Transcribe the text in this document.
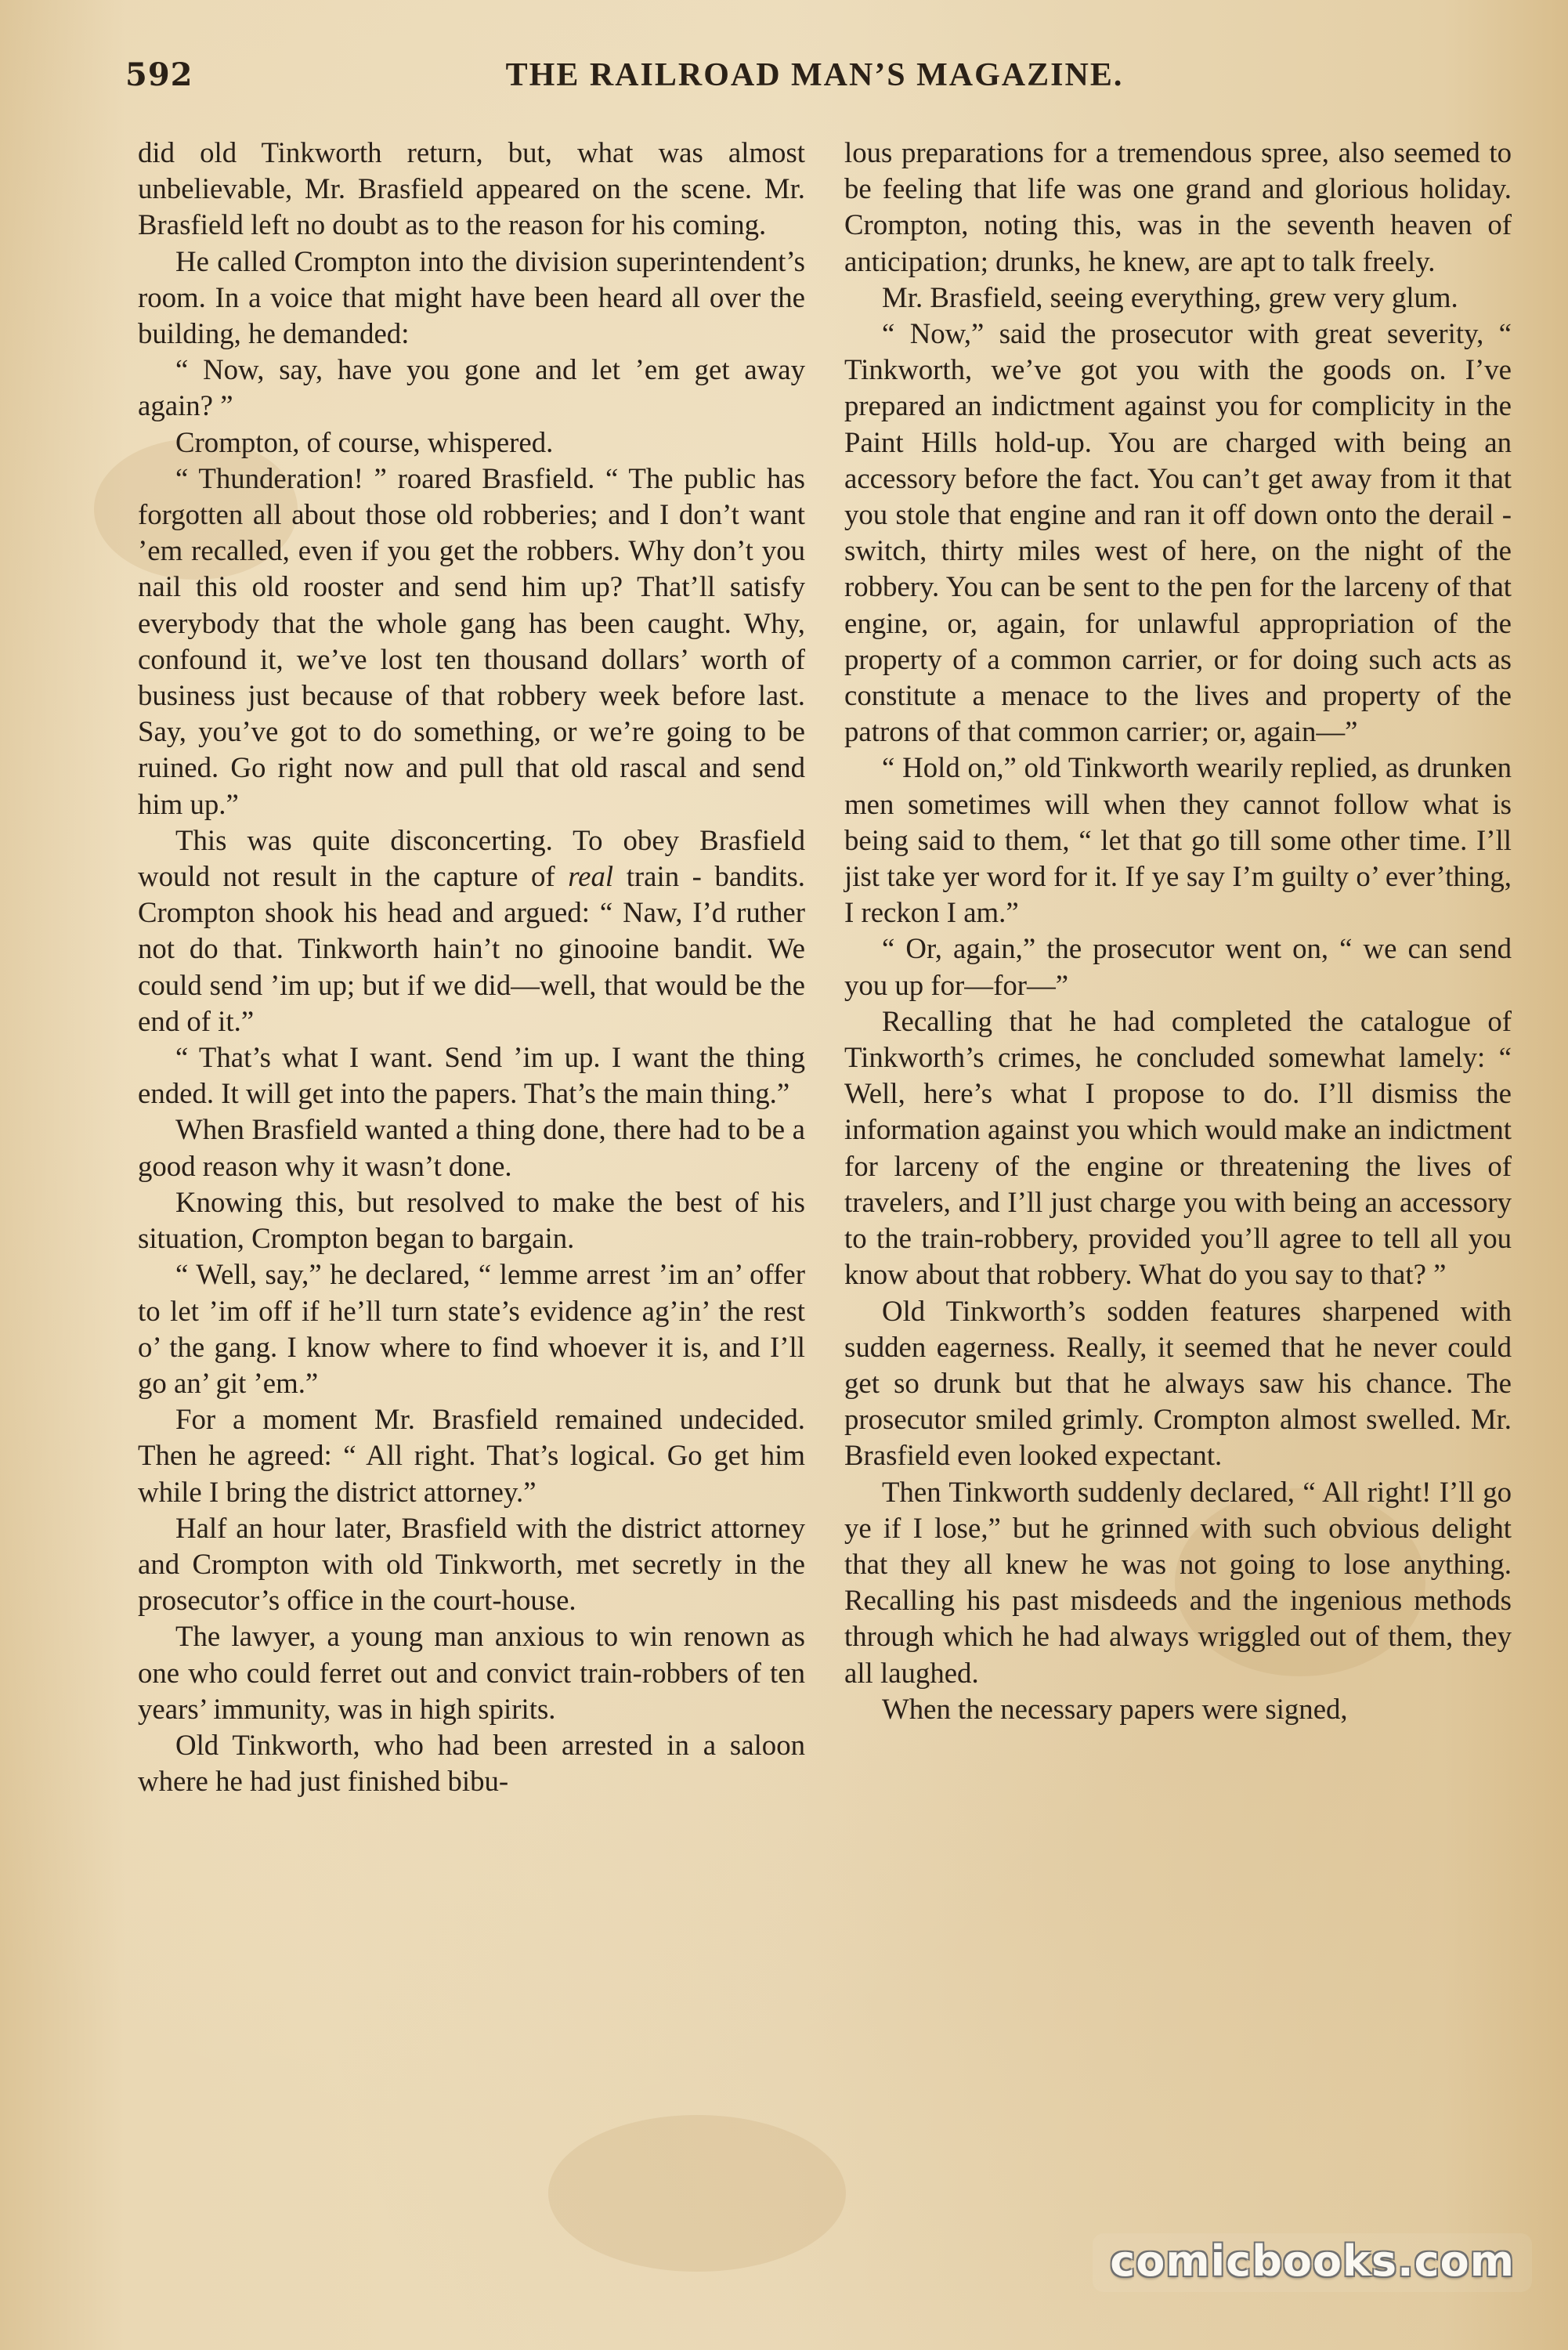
592	THE RAILROAD MAN’S MAGAZINE.

did old Tinkworth return, but, what was almost unbelievable, Mr. Brasfield appeared on the scene. Mr. Brasfield left no doubt as to the reason for his coming.

He called Crompton into the division superintendent’s room. In a voice that might have been heard all over the building, he demanded:

“ Now, say, have you gone and let ’em get away again? ”

Crompton, of course, whispered.

“ Thunderation! ” roared Brasfield. “ The public has forgotten all about those old robberies; and I don’t want ’em recalled, even if you get the robbers. Why don’t you nail this old rooster and send him up? That’ll satisfy everybody that the whole gang has been caught. Why, confound it, we’ve lost ten thousand dollars’ worth of business just because of that robbery week before last. Say, you’ve got to do something, or we’re going to be ruined. Go right now and pull that old rascal and send him up.”

This was quite disconcerting. To obey Brasfield would not result in the capture of real train - bandits. Crompton shook his head and argued: “ Naw, I’d ruther not do that. Tinkworth hain’t no ginooine bandit. We could send ’im up; but if we did—well, that would be the end of it.”

“ That’s what I want. Send ’im up. I want the thing ended. It will get into the papers. That’s the main thing.”

When Brasfield wanted a thing done, there had to be a good reason why it wasn’t done.

Knowing this, but resolved to make the best of his situation, Crompton began to bargain.

“ Well, say,” he declared, “ lemme arrest ’im an’ offer to let ’im off if he’ll turn state’s evidence ag’in’ the rest o’ the gang. I know where to find whoever it is, and I’ll go an’ git ’em.”

For a moment Mr. Brasfield remained undecided. Then he agreed: “ All right. That’s logical. Go get him while I bring the district attorney.”

Half an hour later, Brasfield with the district attorney and Crompton with old Tinkworth, met secretly in the prosecutor’s office in the court-house.

The lawyer, a young man anxious to win renown as one who could ferret out and convict train-robbers of ten years’ immunity, was in high spirits.

Old Tinkworth, who had been arrested in a saloon where he had just finished bibu-

lous preparations for a tremendous spree, also seemed to be feeling that life was one grand and glorious holiday. Crompton, noting this, was in the seventh heaven of anticipation; drunks, he knew, are apt to talk freely.

Mr. Brasfield, seeing everything, grew very glum.

“ Now,” said the prosecutor with great severity, “ Tinkworth, we’ve got you with the goods on. I’ve prepared an indictment against you for complicity in the Paint Hills hold-up. You are charged with being an accessory before the fact. You can’t get away from it that you stole that engine and ran it off down onto the derail - switch, thirty miles west of here, on the night of the robbery. You can be sent to the pen for the larceny of that engine, or, again, for unlawful appropriation of the property of a common carrier, or for doing such acts as constitute a menace to the lives and property of the patrons of that common carrier; or, again—”

“ Hold on,” old Tinkworth wearily replied, as drunken men sometimes will when they cannot follow what is being said to them, “ let that go till some other time. I’ll jist take yer word for it. If ye say I’m guilty o’ ever’thing, I reckon I am.”

“ Or, again,” the prosecutor went on, “ we can send you up for—for—”

Recalling that he had completed the catalogue of Tinkworth’s crimes, he concluded somewhat lamely: “ Well, here’s what I propose to do. I’ll dismiss the information against you which would make an indictment for larceny of the engine or threatening the lives of travelers, and I’ll just charge you with being an accessory to the train-robbery, provided you’ll agree to tell all you know about that robbery. What do you say to that? ”

Old Tinkworth’s sodden features sharpened with sudden eagerness. Really, it seemed that he never could get so drunk but that he always saw his chance. The prosecutor smiled grimly. Crompton almost swelled. Mr. Brasfield even looked expectant.

Then Tinkworth suddenly declared, “ All right! I’ll go ye if I lose,” but he grinned with such obvious delight that they all knew he was not going to lose anything. Recalling his past misdeeds and the ingenious methods through which he had always wriggled out of them, they all laughed.

When the necessary papers were signed,

comicbooks.com
